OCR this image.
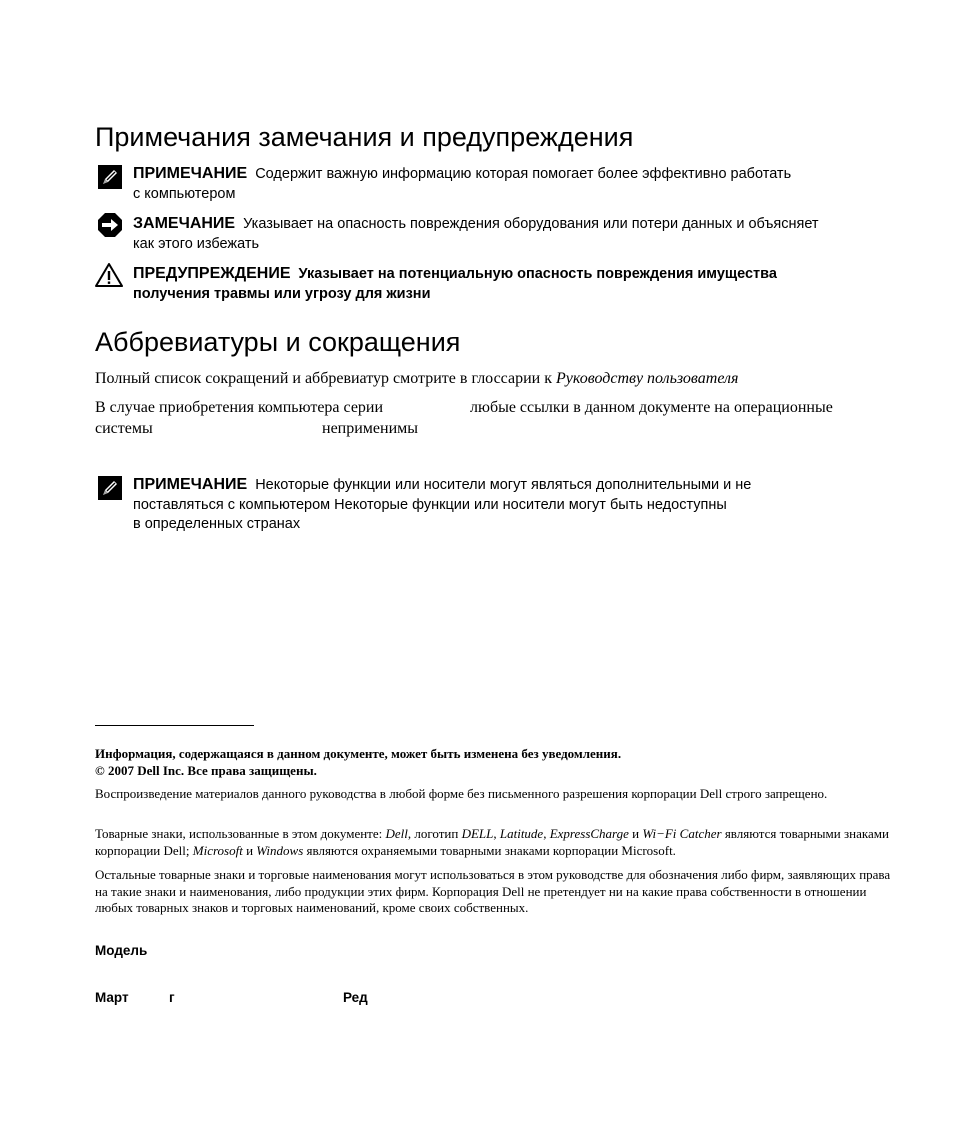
Примечания замечания и предупреждения
ПРИМЕЧАНИЕ Содержит важную информацию которая помогает более эффективно работать
с компьютером
ЗАМЕЧАНИЕ Указывает на опасность повреждения оборудования или потери данных и объясняет
как этого избежать
ПРЕДУПРЕЖДЕНИЕ Указывает на потенциальную опасность повреждения имущества
получения травмы или угрозу для жизни
Аббревиатуры и сокращения
Полный список сокращений и аббревиатур смотрите в глоссарии к Руководству пользователя
В случае приобретения компьютера серии	любые ссылки в данном документе на операционные
системы	неприменимы
ПРИМЕЧАНИЕ Некоторые функции или носители могут являться дополнительными и не
поставляться с компьютером Некоторые функции или носители могут быть недоступны
в определенных странах
Информация, содержащаяся в данном документе, может быть изменена без уведомления.
© 2007 Dell Inc. Все права защищены.
Воспроизведение материалов данного руководства в любой форме без письменного разрешения корпорации Dell строго запрещено.
Товарные знаки, использованные в этом документе: Dell, логотип DELL, Latitude, ExpressCharge и Wi−Fi Catcher являются товарными знаками корпорации Dell; Microsoft и Windows являются охраняемыми товарными знаками корпорации Microsoft.
Остальные товарные знаки и торговые наименования могут использоваться в этом руководстве для обозначения либо фирм, заявляющих права на такие знаки и наименования, либо продукции этих фирм. Корпорация Dell не претендует ни на какие права собственности в отношении любых товарных знаков и торговых наименований, кроме своих собственных.
Модель
Март	г	Ред
